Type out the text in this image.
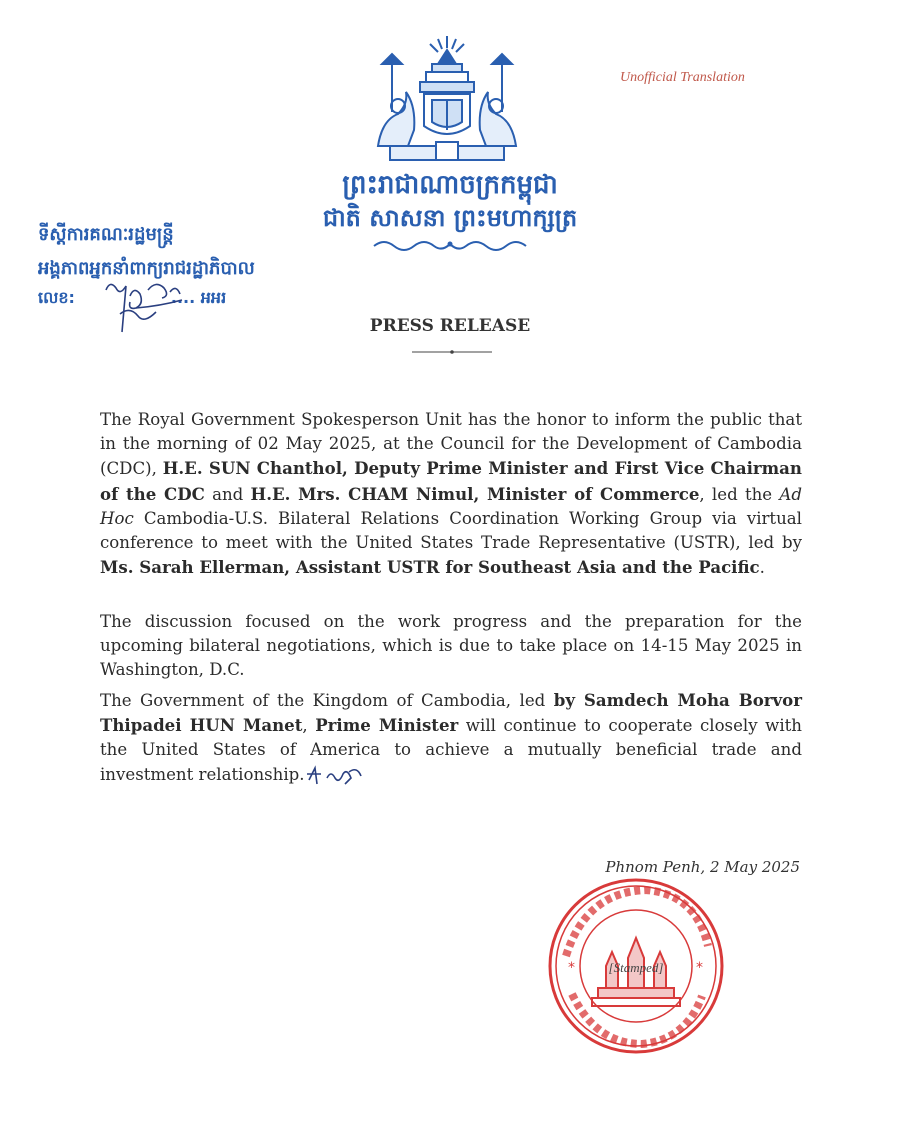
Unofficial Translation
ព្រះរាជាណាចក្រកម្ពុជា
ជាតិ សាសនា ព្រះមហាក្សត្រ
ទីស្តីការគណៈរដ្ឋមន្ត្រី
អង្គភាពអ្នកនាំពាក្យរាជរដ្ឋាភិបាល
លេខ:	.... អអរ
PRESS RELEASE
The Royal Government Spokesperson Unit has the honor to inform the public that in the morning of 02 May 2025, at the Council for the Development of Cambodia (CDC), H.E. SUN Chanthol, Deputy Prime Minister and First Vice Chairman of the CDC and H.E. Mrs. CHAM Nimul, Minister of Commerce, led the Ad Hoc Cambodia-U.S. Bilateral Relations Coordination Working Group via virtual conference to meet with the United States Trade Representative (USTR), led by Ms. Sarah Ellerman, Assistant USTR for Southeast Asia and the Pacific.
The discussion focused on the work progress and the preparation for the upcoming bilateral negotiations, which is due to take place on 14-15 May 2025 in Washington, D.C.
The Government of the Kingdom of Cambodia, led by Samdech Moha Borvor Thipadei HUN Manet, Prime Minister will continue to cooperate closely with the United States of America to achieve a mutually beneficial trade and investment relationship.
Phnom Penh, 2 May 2025
*	*
[Stamped]
